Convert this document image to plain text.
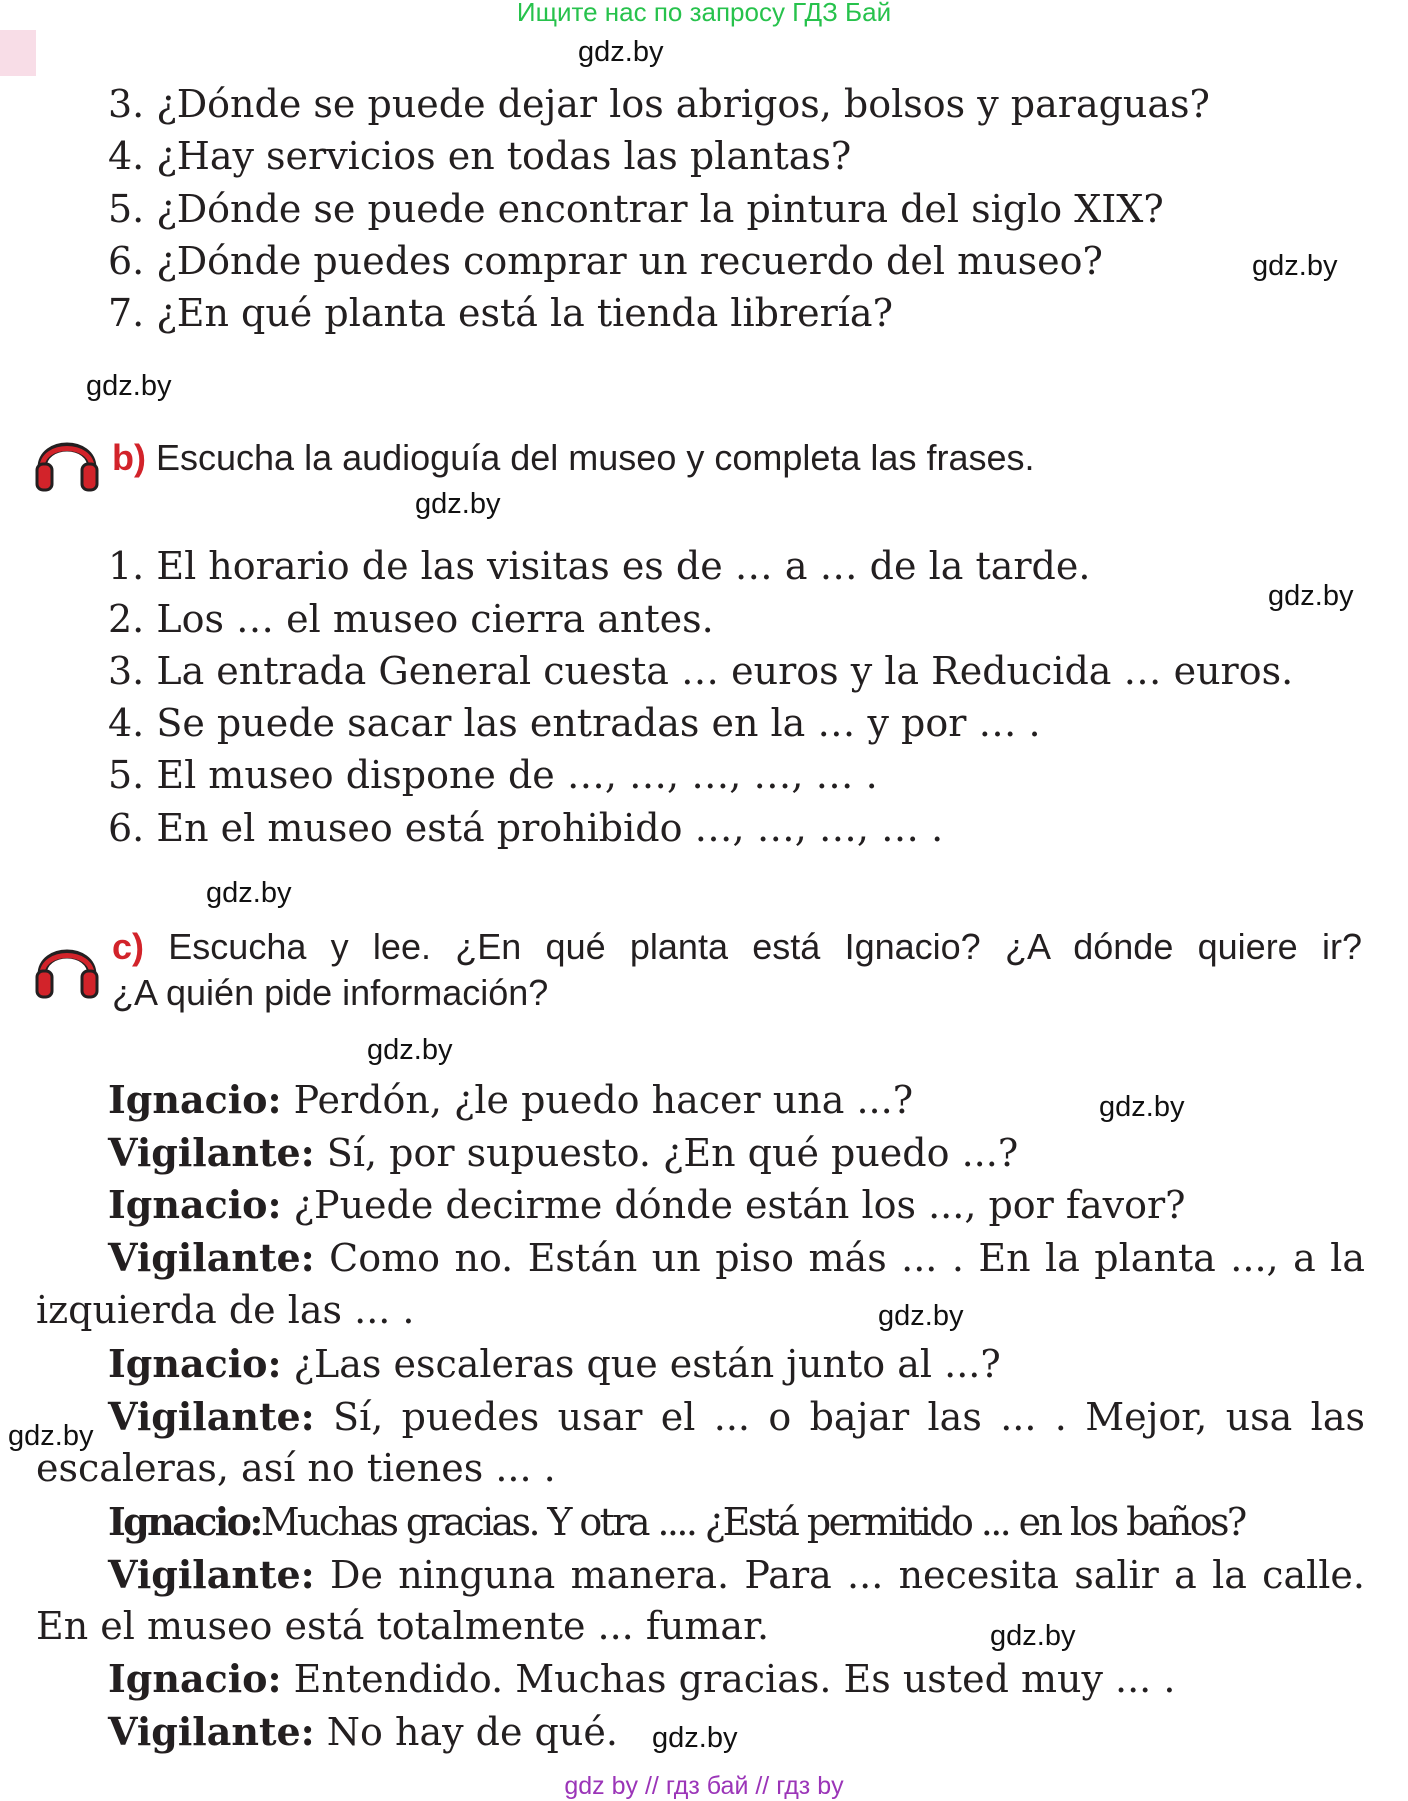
Ищите нас по запросу ГДЗ Бай
gdz.by
gdz.by
gdz.by
gdz.by
gdz.by
gdz.by
gdz.by
gdz.by
gdz.by
gdz.by
gdz.by
gdz.by
3. ¿Dónde se puede dejar los abrigos, bolsos y paraguas?
4. ¿Hay servicios en todas las plantas?
5. ¿Dónde se puede encontrar la pintura del siglo XIX?
6. ¿Dónde puedes comprar un recuerdo del museo?
7. ¿En qué planta está la tienda librería?
b) Escucha la audioguía del museo y completa las frases.
1. El horario de las visitas es de … a … de la tarde.
2. Los … el museo cierra antes.
3. La entrada General cuesta … euros y la Reducida … euros.
4. Se puede sacar las entradas en la … y por … .
5. El museo dispone de …, …, …, …, … .
6. En el museo está prohibido …, …, …, … .
c) Escucha y lee. ¿En qué planta está Ignacio? ¿A dónde quiere ir?
¿A quién pide información?
Ignacio: Perdón, ¿le puedo hacer una ...?
Vigilante: Sí, por supuesto. ¿En qué puedo ...?
Ignacio: ¿Puede decirme dónde están los ..., por favor?
Vigilante: Como no. Están un piso más ... . En la planta ..., a la
izquierda de las ... .
Ignacio: ¿Las escaleras que están junto al ...?
Vigilante: Sí, puedes usar el ... o bajar las ... . Mejor, usa las
escaleras, así no tienes ... .
Ignacio:Muchas gracias. Y otra .... ¿Está permitido ... en los baños?
Vigilante: De ninguna manera. Para ... necesita salir a la calle.
En el museo está totalmente ... fumar.
Ignacio: Entendido. Muchas gracias. Es usted muy ... .
Vigilante: No hay de qué.
gdz by // гдз бай // гдз by
